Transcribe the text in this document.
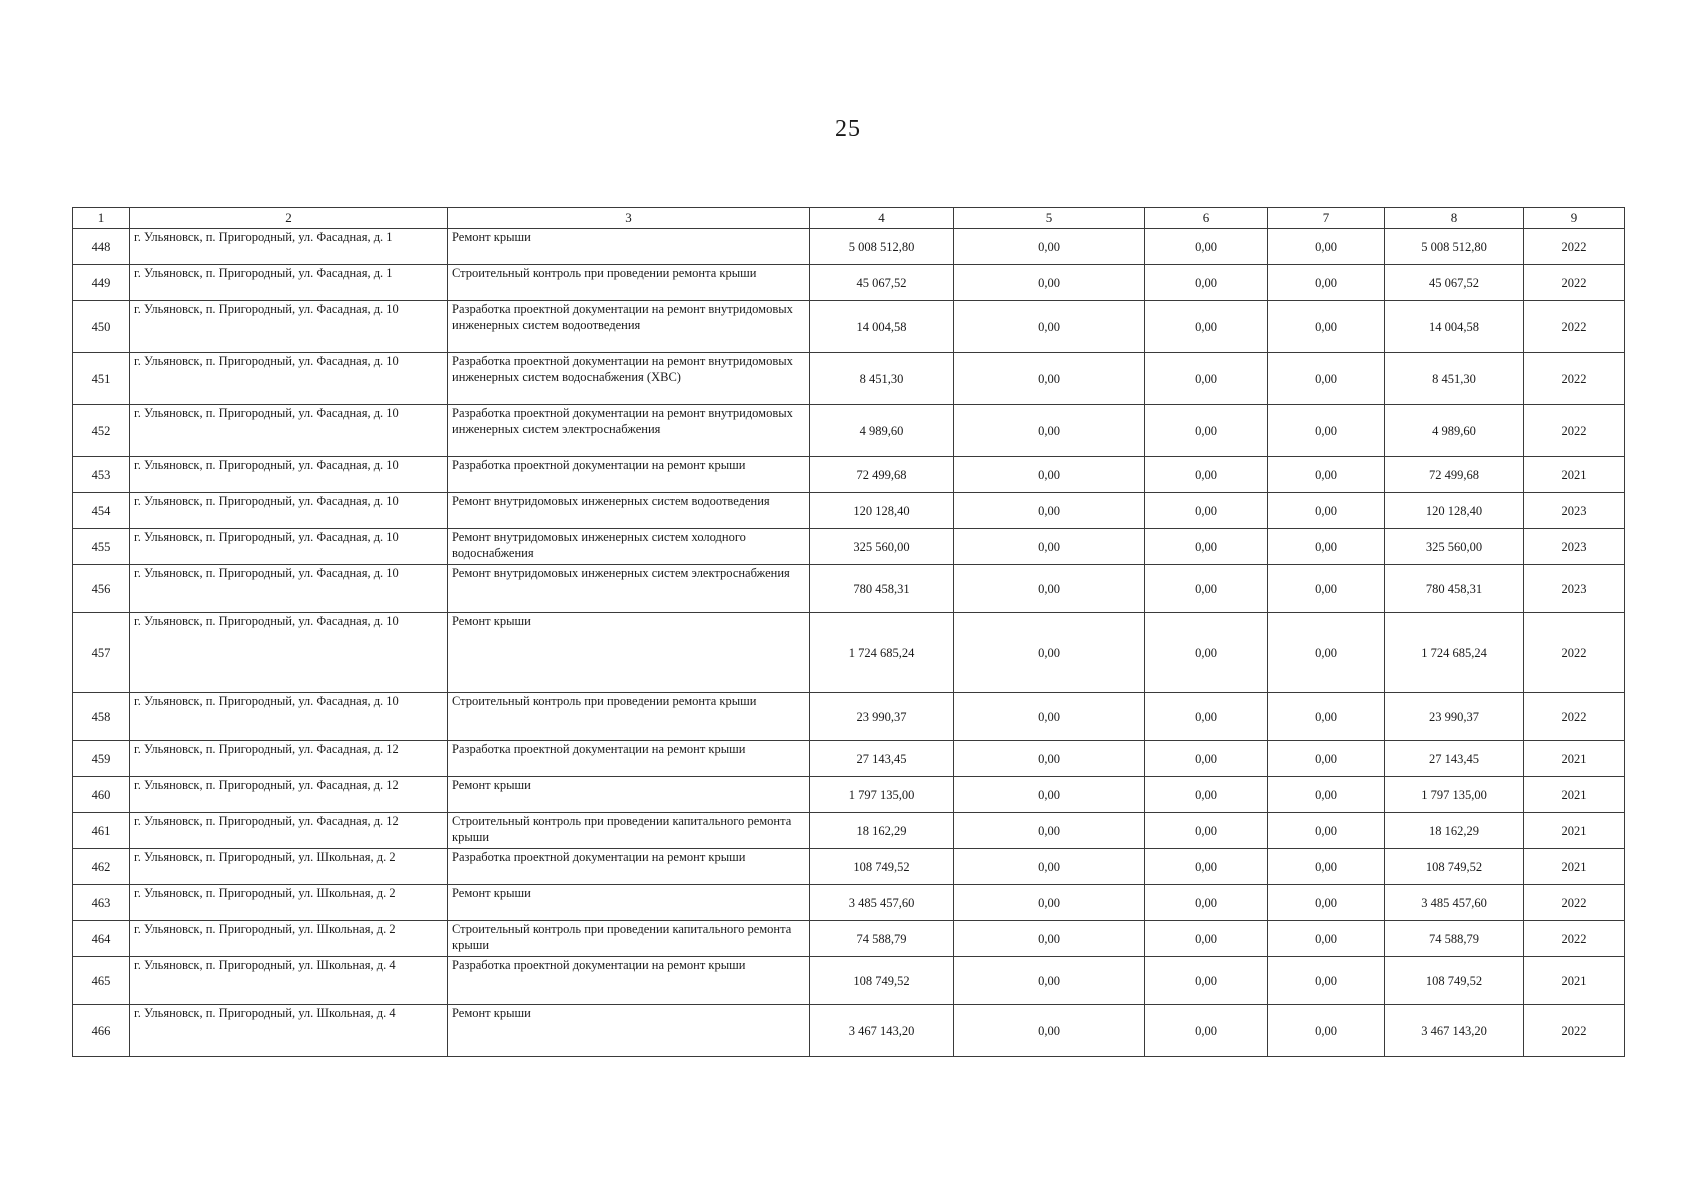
25
1	2	3	4	5	6	7	8	9
448	г. Ульяновск, п. Пригородный, ул. Фасадная, д. 1	Ремонт крыши	5 008 512,80	0,00	0,00	0,00	5 008 512,80	2022
449	г. Ульяновск, п. Пригородный, ул. Фасадная, д. 1	Строительный контроль при проведении ремонта крыши	45 067,52	0,00	0,00	0,00	45 067,52	2022
450	г. Ульяновск, п. Пригородный, ул. Фасадная, д. 10	Разработка проектной документации на ремонт внутридомовых инженерных систем водоотведения	14 004,58	0,00	0,00	0,00	14 004,58	2022
451	г. Ульяновск, п. Пригородный, ул. Фасадная, д. 10	Разработка проектной документации на ремонт внутридомовых инженерных систем водоснабжения (ХВС)	8 451,30	0,00	0,00	0,00	8 451,30	2022
452	г. Ульяновск, п. Пригородный, ул. Фасадная, д. 10	Разработка проектной документации на ремонт внутридомовых инженерных систем электроснабжения	4 989,60	0,00	0,00	0,00	4 989,60	2022
453	г. Ульяновск, п. Пригородный, ул. Фасадная, д. 10	Разработка проектной документации на ремонт крыши	72 499,68	0,00	0,00	0,00	72 499,68	2021
454	г. Ульяновск, п. Пригородный, ул. Фасадная, д. 10	Ремонт внутридомовых инженерных систем водоотведения	120 128,40	0,00	0,00	0,00	120 128,40	2023
455	г. Ульяновск, п. Пригородный, ул. Фасадная, д. 10	Ремонт внутридомовых инженерных систем холодного водоснабжения	325 560,00	0,00	0,00	0,00	325 560,00	2023
456	г. Ульяновск, п. Пригородный, ул. Фасадная, д. 10	Ремонт внутридомовых инженерных систем электроснабжения	780 458,31	0,00	0,00	0,00	780 458,31	2023
457	г. Ульяновск, п. Пригородный, ул. Фасадная, д. 10	Ремонт крыши	1 724 685,24	0,00	0,00	0,00	1 724 685,24	2022
458	г. Ульяновск, п. Пригородный, ул. Фасадная, д. 10	Строительный контроль при проведении ремонта крыши	23 990,37	0,00	0,00	0,00	23 990,37	2022
459	г. Ульяновск, п. Пригородный, ул. Фасадная, д. 12	Разработка проектной документации на ремонт крыши	27 143,45	0,00	0,00	0,00	27 143,45	2021
460	г. Ульяновск, п. Пригородный, ул. Фасадная, д. 12	Ремонт крыши	1 797 135,00	0,00	0,00	0,00	1 797 135,00	2021
461	г. Ульяновск, п. Пригородный, ул. Фасадная, д. 12	Строительный контроль при проведении капитального ремонта крыши	18 162,29	0,00	0,00	0,00	18 162,29	2021
462	г. Ульяновск, п. Пригородный, ул. Школьная, д. 2	Разработка проектной документации на ремонт крыши	108 749,52	0,00	0,00	0,00	108 749,52	2021
463	г. Ульяновск, п. Пригородный, ул. Школьная, д. 2	Ремонт крыши	3 485 457,60	0,00	0,00	0,00	3 485 457,60	2022
464	г. Ульяновск, п. Пригородный, ул. Школьная, д. 2	Строительный контроль при проведении капитального ремонта крыши	74 588,79	0,00	0,00	0,00	74 588,79	2022
465	г. Ульяновск, п. Пригородный, ул. Школьная, д. 4	Разработка проектной документации на ремонт крыши	108 749,52	0,00	0,00	0,00	108 749,52	2021
466	г. Ульяновск, п. Пригородный, ул. Школьная, д. 4	Ремонт крыши	3 467 143,20	0,00	0,00	0,00	3 467 143,20	2022
